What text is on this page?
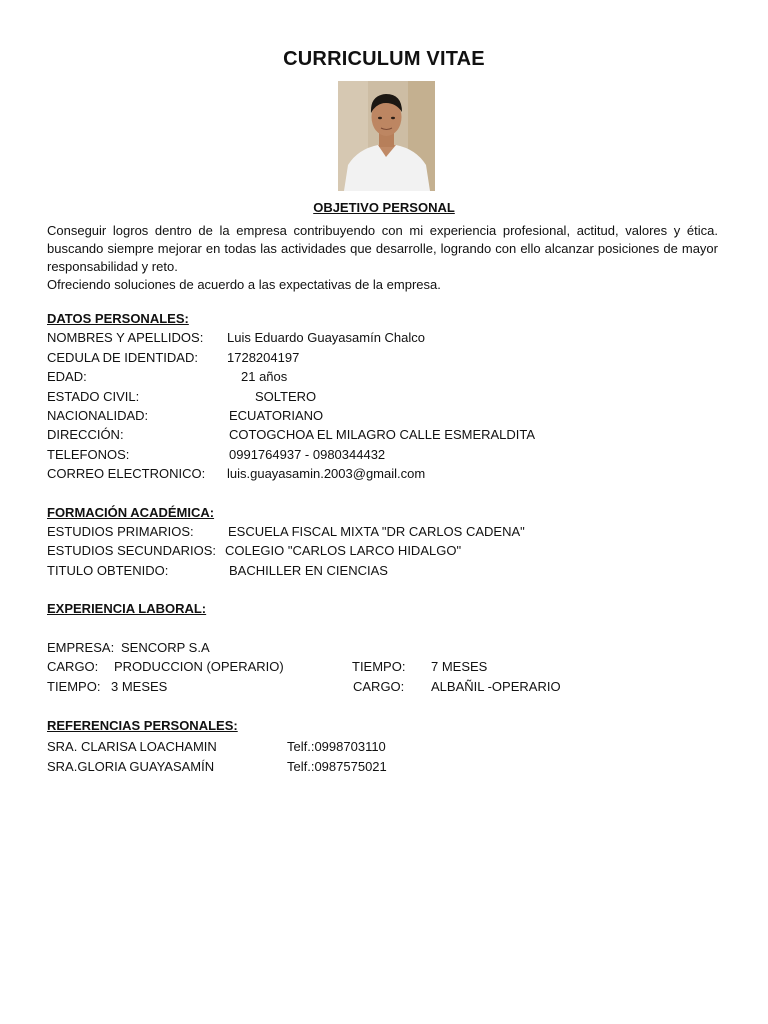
CURRICULUM VITAE
OBJETIVO PERSONAL
Conseguir logros dentro de la empresa contribuyendo con mi experiencia profesional, actitud, valores y ética. buscando siempre mejorar en todas las actividades que desarrolle, logrando con ello alcanzar posiciones de mayor responsabilidad y reto.
Ofreciendo soluciones de acuerdo a las expectativas de la empresa.
DATOS PERSONALES:
NOMBRES Y APELLIDOS: Luis Eduardo Guayasamín Chalco
CEDULA DE IDENTIDAD: 1728204197
EDAD:	21 años
ESTADO CIVIL:	SOLTERO
NACIONALIDAD:	ECUATORIANO
DIRECCIÓN:	COTOGCHOA EL MILAGRO CALLE ESMERALDITA
TELEFONOS:	0991764937 - 0980344432
CORREO ELECTRONICO: luis.guayasamin.2003@gmail.com
FORMACIÓN ACADÉMICA:
ESTUDIOS PRIMARIOS:	ESCUELA FISCAL MIXTA "DR CARLOS CADENA"
ESTUDIOS SECUNDARIOS: COLEGIO "CARLOS LARCO HIDALGO"
TITULO OBTENIDO:	BACHILLER EN CIENCIAS
EXPERIENCIA LABORAL:
EMPRESA: SENCORP S.A
CARGO: PRODUCCION (OPERARIO)	TIEMPO: 7 MESES
TIEMPO: 3 MESES	CARGO: ALBAÑIL -OPERARIO
REFERENCIAS PERSONALES:
SRA. CLARISA LOACHAMIN	Telf.:0998703110
SRA.GLORIA GUAYASAMÍN	Telf.:0987575021
